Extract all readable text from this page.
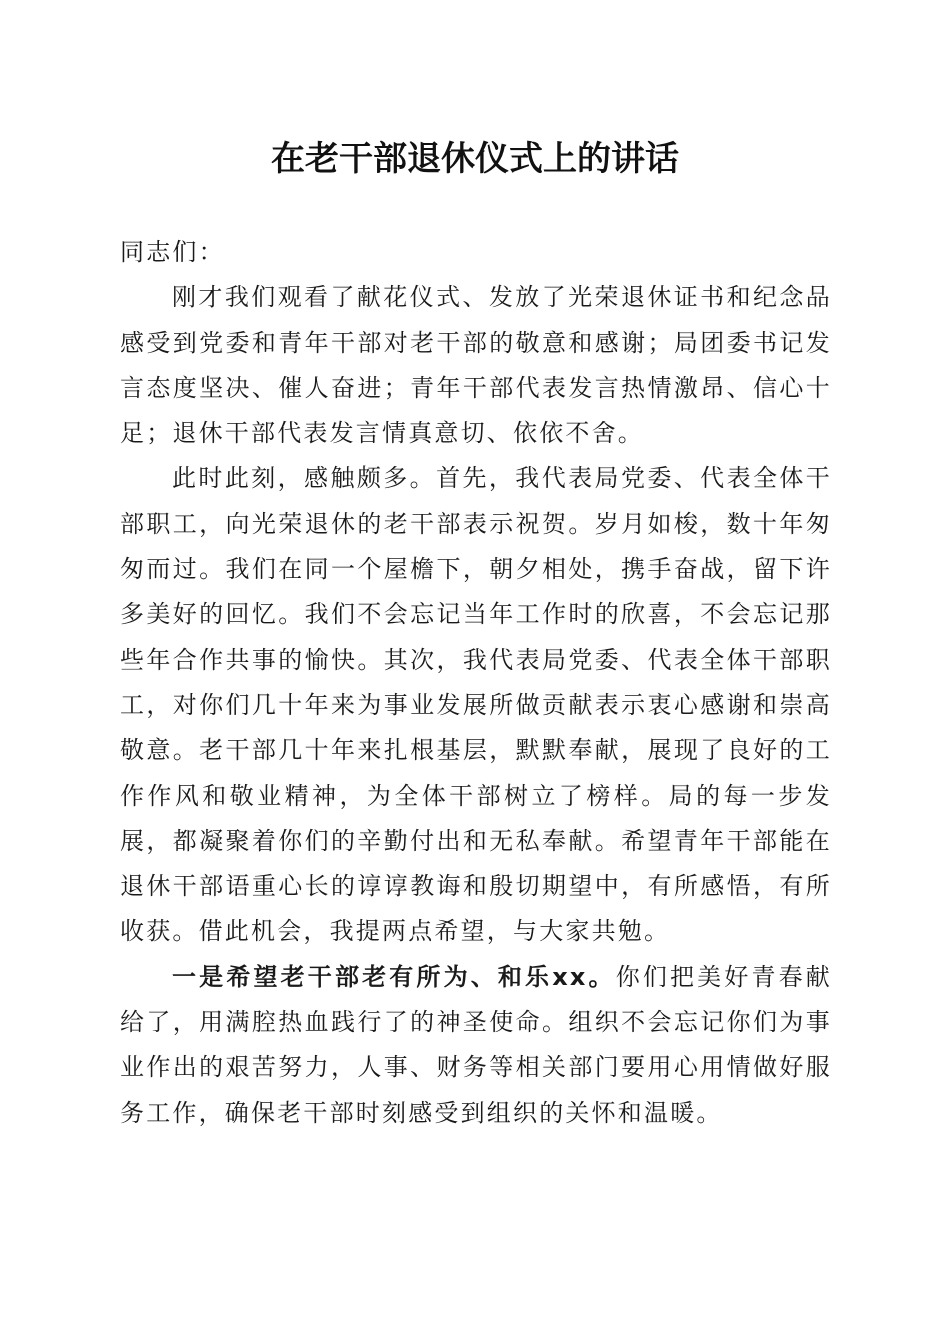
在老干部退休仪式上的讲话

同志们：

刚才我们观看了献花仪式、发放了光荣退休证书和纪念品感受到党委和青年干部对老干部的敬意和感谢；局团委书记发言态度坚决、催人奋进；青年干部代表发言热情激昂、信心十足；退休干部代表发言情真意切、依依不舍。

此时此刻，感触颇多。首先，我代表局党委、代表全体干部职工，向光荣退休的老干部表示祝贺。岁月如梭，数十年匆匆而过。我们在同一个屋檐下，朝夕相处，携手奋战，留下许多美好的回忆。我们不会忘记当年工作时的欣喜，不会忘记那些年合作共事的愉快。其次，我代表局党委、代表全体干部职工，对你们几十年来为事业发展所做贡献表示衷心感谢和崇高敬意。老干部几十年来扎根基层，默默奉献，展现了良好的工作作风和敬业精神，为全体干部树立了榜样。局的每一步发展，都凝聚着你们的辛勤付出和无私奉献。希望青年干部能在退休干部语重心长的谆谆教诲和殷切期望中，有所感悟，有所收获。借此机会，我提两点希望，与大家共勉。

一是希望老干部老有所为、和乐xx。你们把美好青春献给了，用满腔热血践行了的神圣使命。组织不会忘记你们为事业作出的艰苦努力，人事、财务等相关部门要用心用情做好服务工作，确保老干部时刻感受到组织的关怀和温暖。
